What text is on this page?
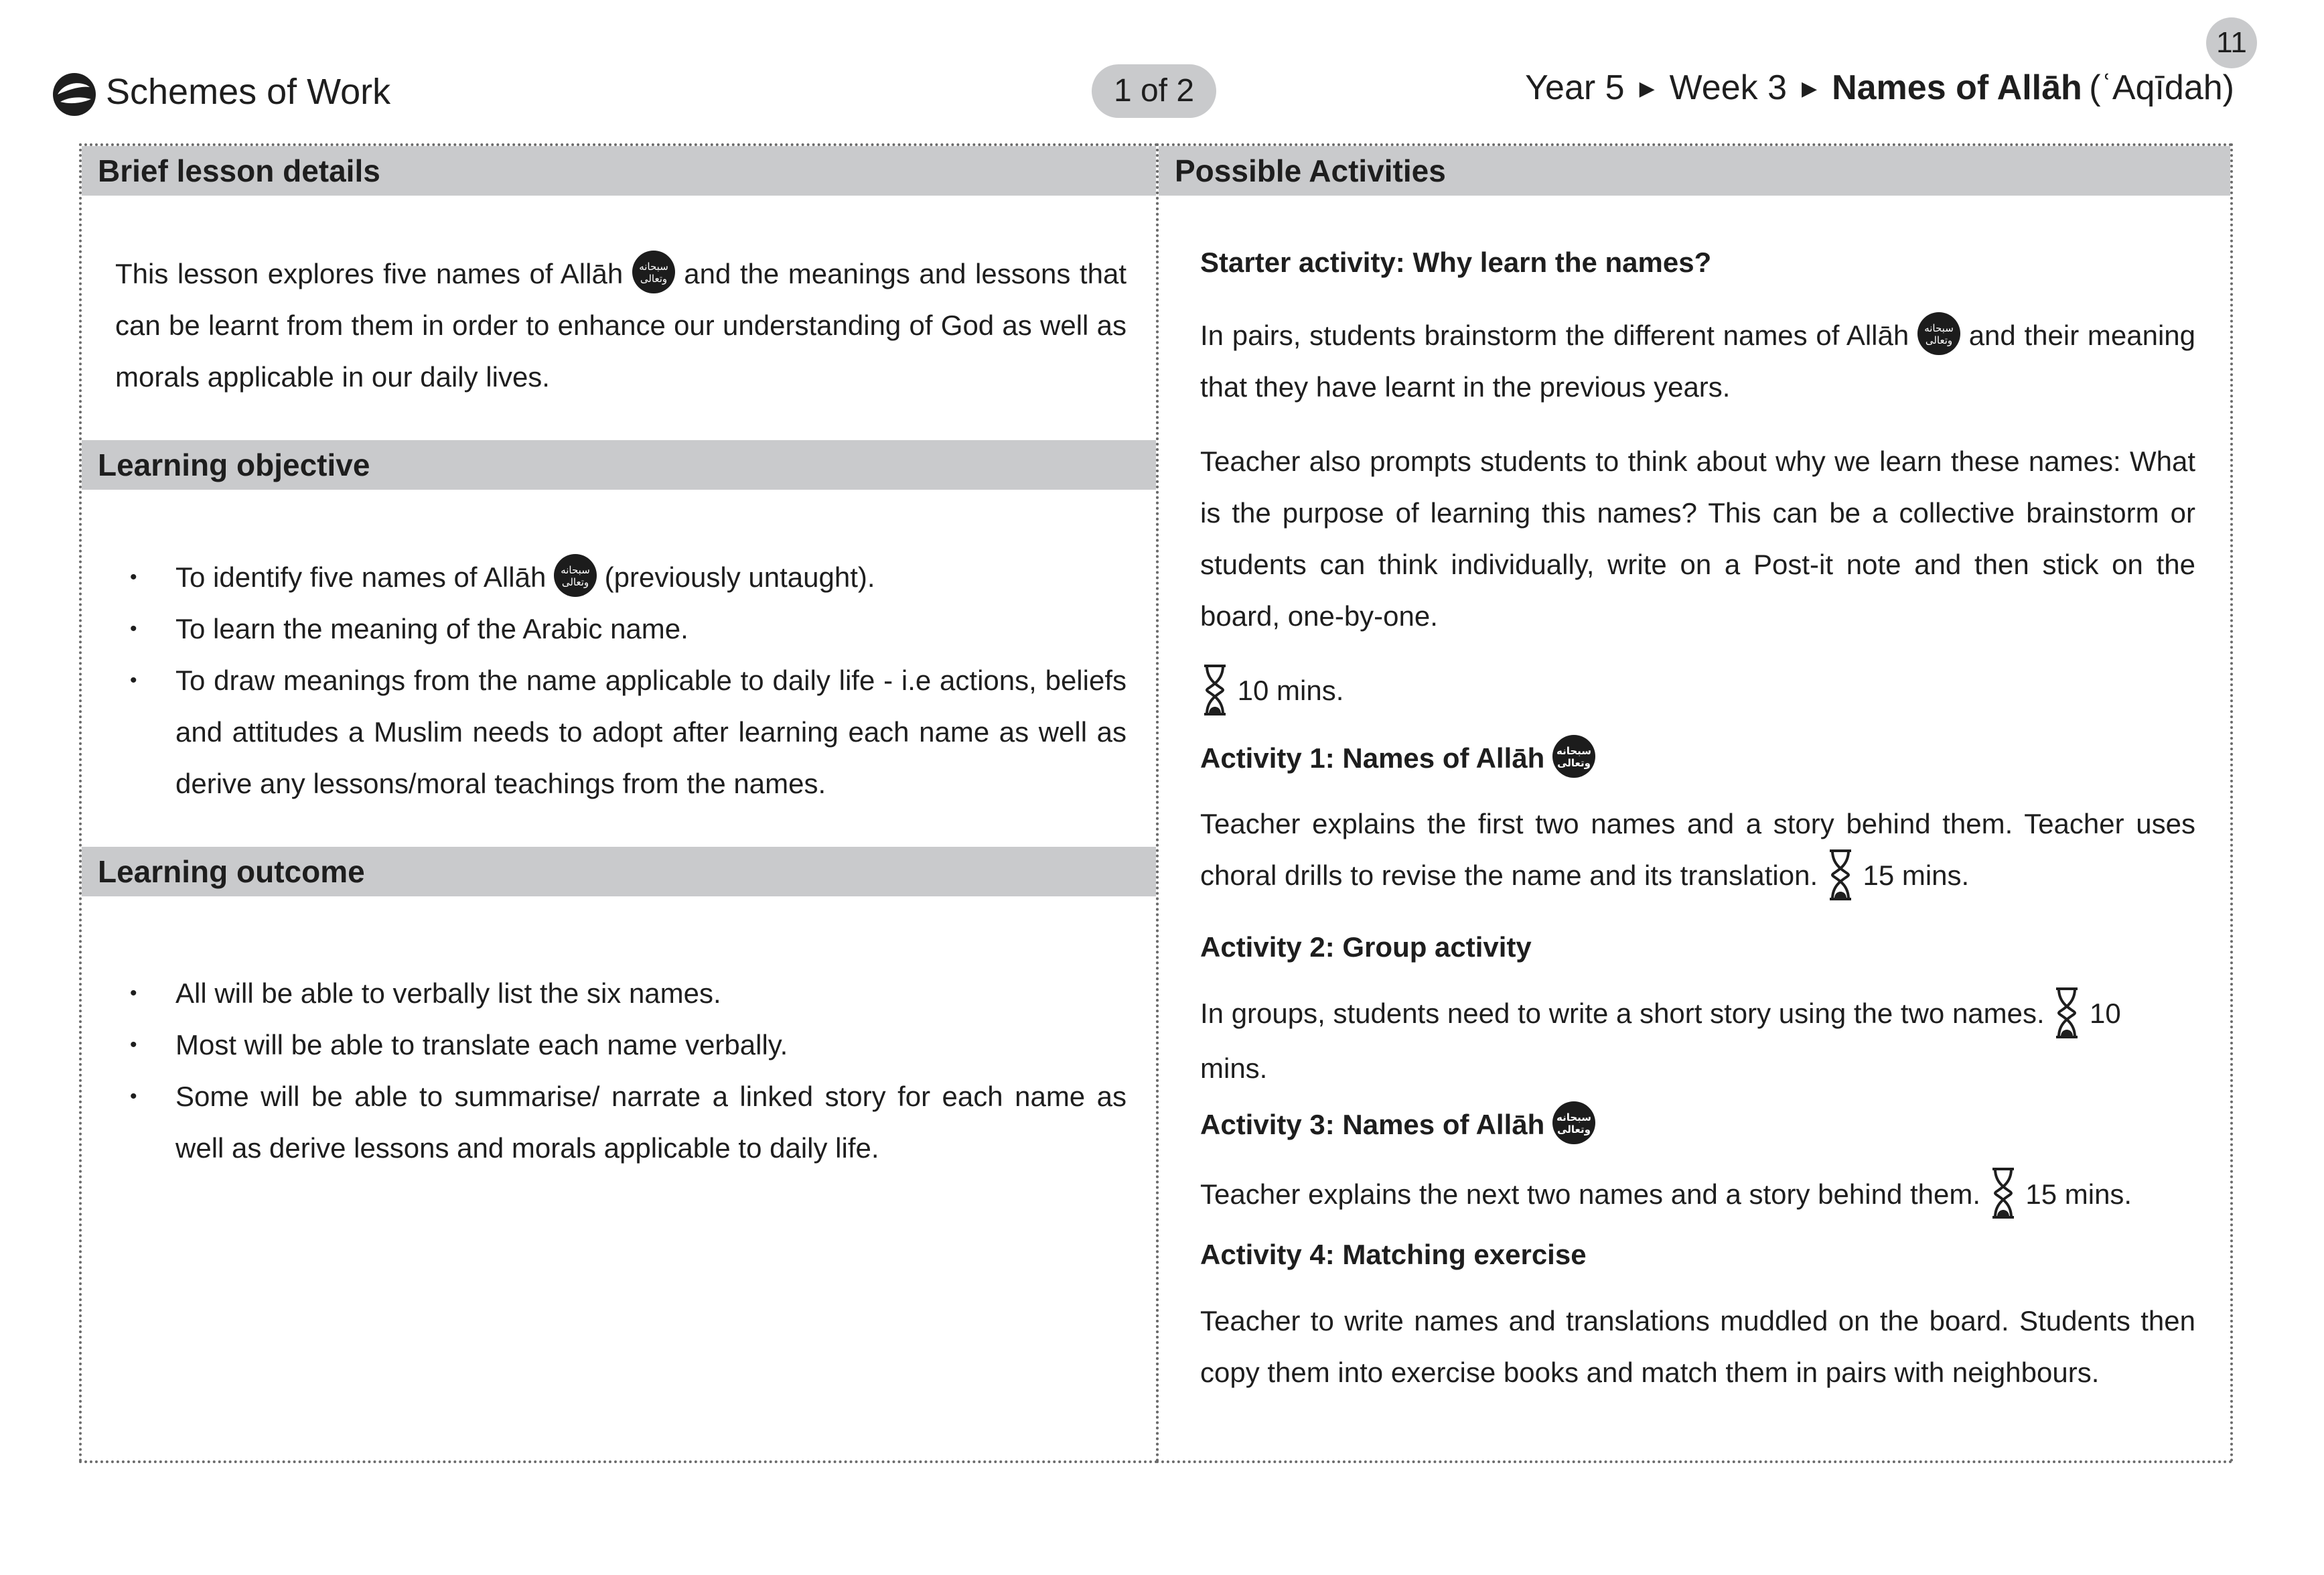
11
Schemes of Work	1 of 2	Year 5 ▶ Week 3 ▶ Names of Allāh  (ʿAqīdah)
Brief lesson details
This lesson explores five names of Allāh سبحانه
وتعالى and the meanings and lessons that can be learnt from them in order to enhance our understanding of God as well as morals applicable in our daily lives.
Learning objective
• To identify five names of Allāh سبحانه
وتعالى (previously untaught).
• To learn the meaning of the Arabic name.
• To draw meanings from the name applicable to daily life - i.e actions, beliefs and attitudes a Muslim needs to adopt after learning each name as well as derive any lessons/moral teachings from the names.
Learning outcome
• All will be able to verbally list the six names.
• Most will be able to translate each name verbally.
• Some will be able to summarise/ narrate a linked story for each name as well as derive lessons and morals applicable to daily life.
Possible Activities
Starter activity: Why learn the names?
In pairs, students brainstorm the different names of Allāh سبحانه
وتعالى and their meaning that they have learnt in the previous years.
Teacher also prompts students to think about why we learn these names: What is the purpose of learning this names? This can be a collective brainstorm or students can think individually, write on a Post-it note and then stick on the board, one-by-one.
10 mins.
Activity 1: Names of Allāh سبحانه
وتعالى
Teacher explains the first two names and a story behind them. Teacher uses choral drills to revise the name and its translation. 15 mins.
Activity 2: Group activity
In groups, students need to write a short story using the two names. 10 mins.
Activity 3: Names of Allāh سبحانه
وتعالى
Teacher explains the next two names and a story behind them. 15 mins.
Activity 4: Matching exercise
Teacher to write names and translations muddled on the board. Students then copy them into exercise books and match them in pairs with neighbours.
